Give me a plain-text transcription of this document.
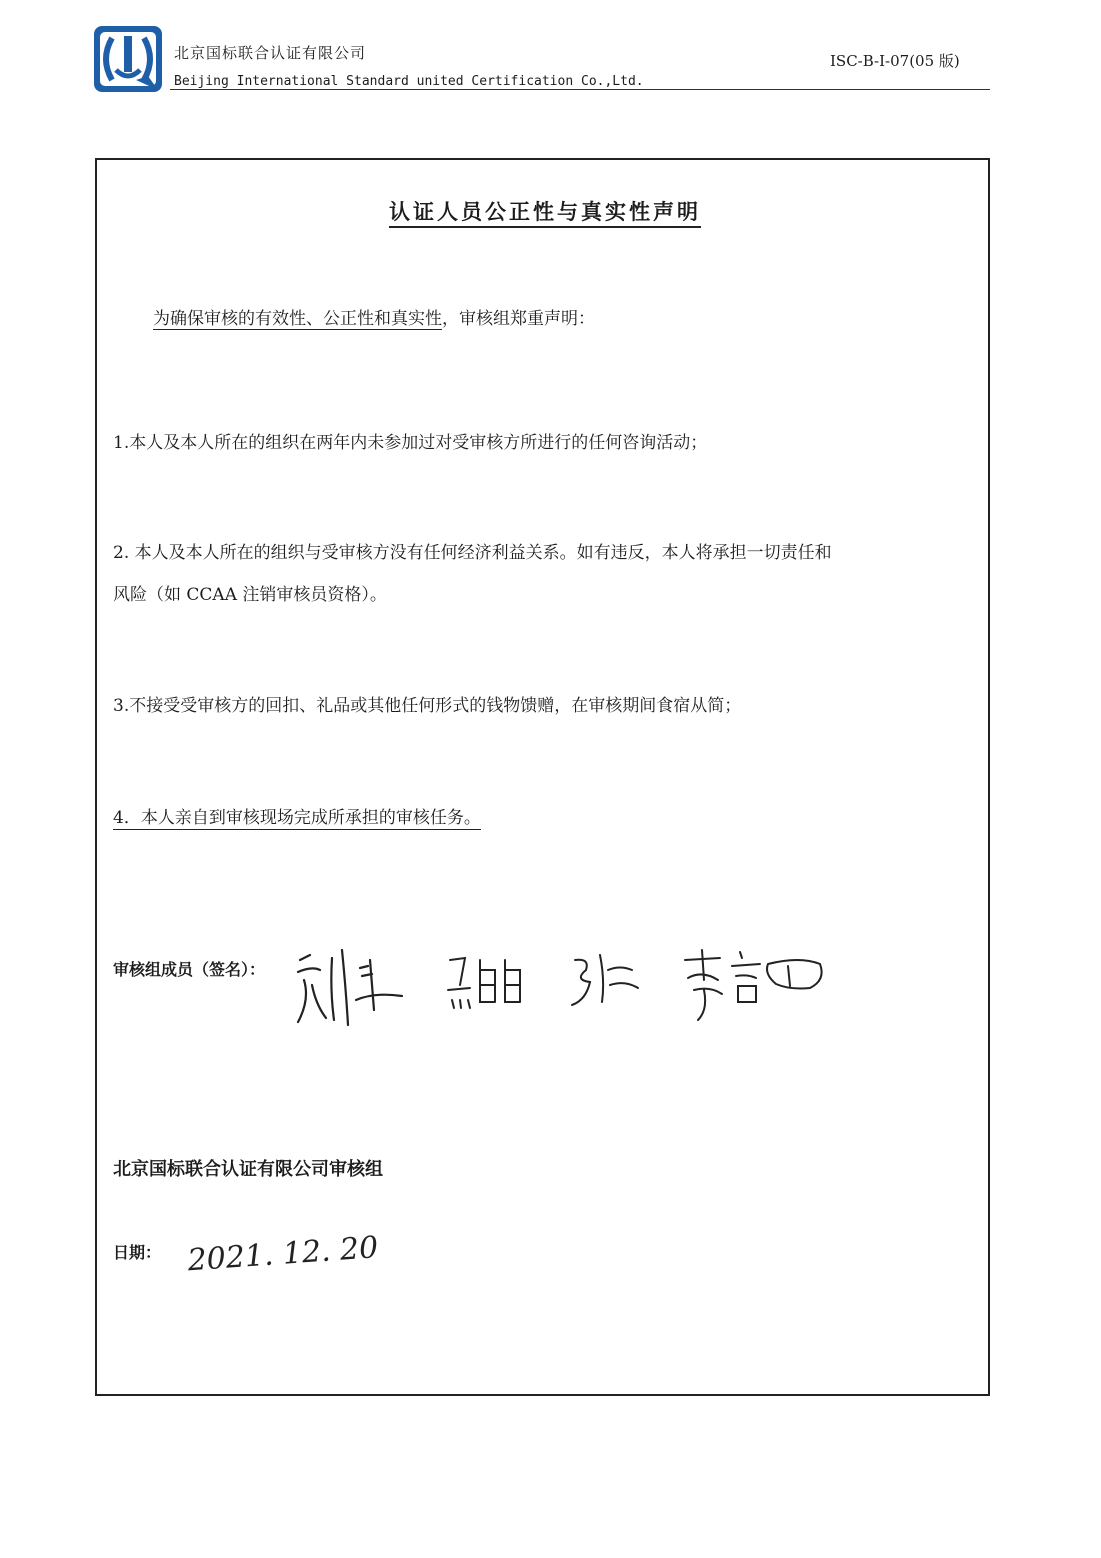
北京国标联合认证有限公司
Beijing International Standard united Certification Co.,Ltd.
ISC-B-I-07(05 版)
认证人员公正性与真实性声明
为确保审核的有效性、公正性和真实性，审核组郑重声明：
1.本人及本人所在的组织在两年内未参加过对受审核方所进行的任何咨询活动；
2. 本人及本人所在的组织与受审核方没有任何经济利益关系。如有违反，本人将承担一切责任和
风险（如 CCAA 注销审核员资格）。
3.不接受受审核方的回扣、礼品或其他任何形式的钱物馈赠，在审核期间食宿从简；
4．本人亲自到审核现场完成所承担的审核任务。
审核组成员（签名）：
北京国标联合认证有限公司审核组
日期： 2021. 12. 20
